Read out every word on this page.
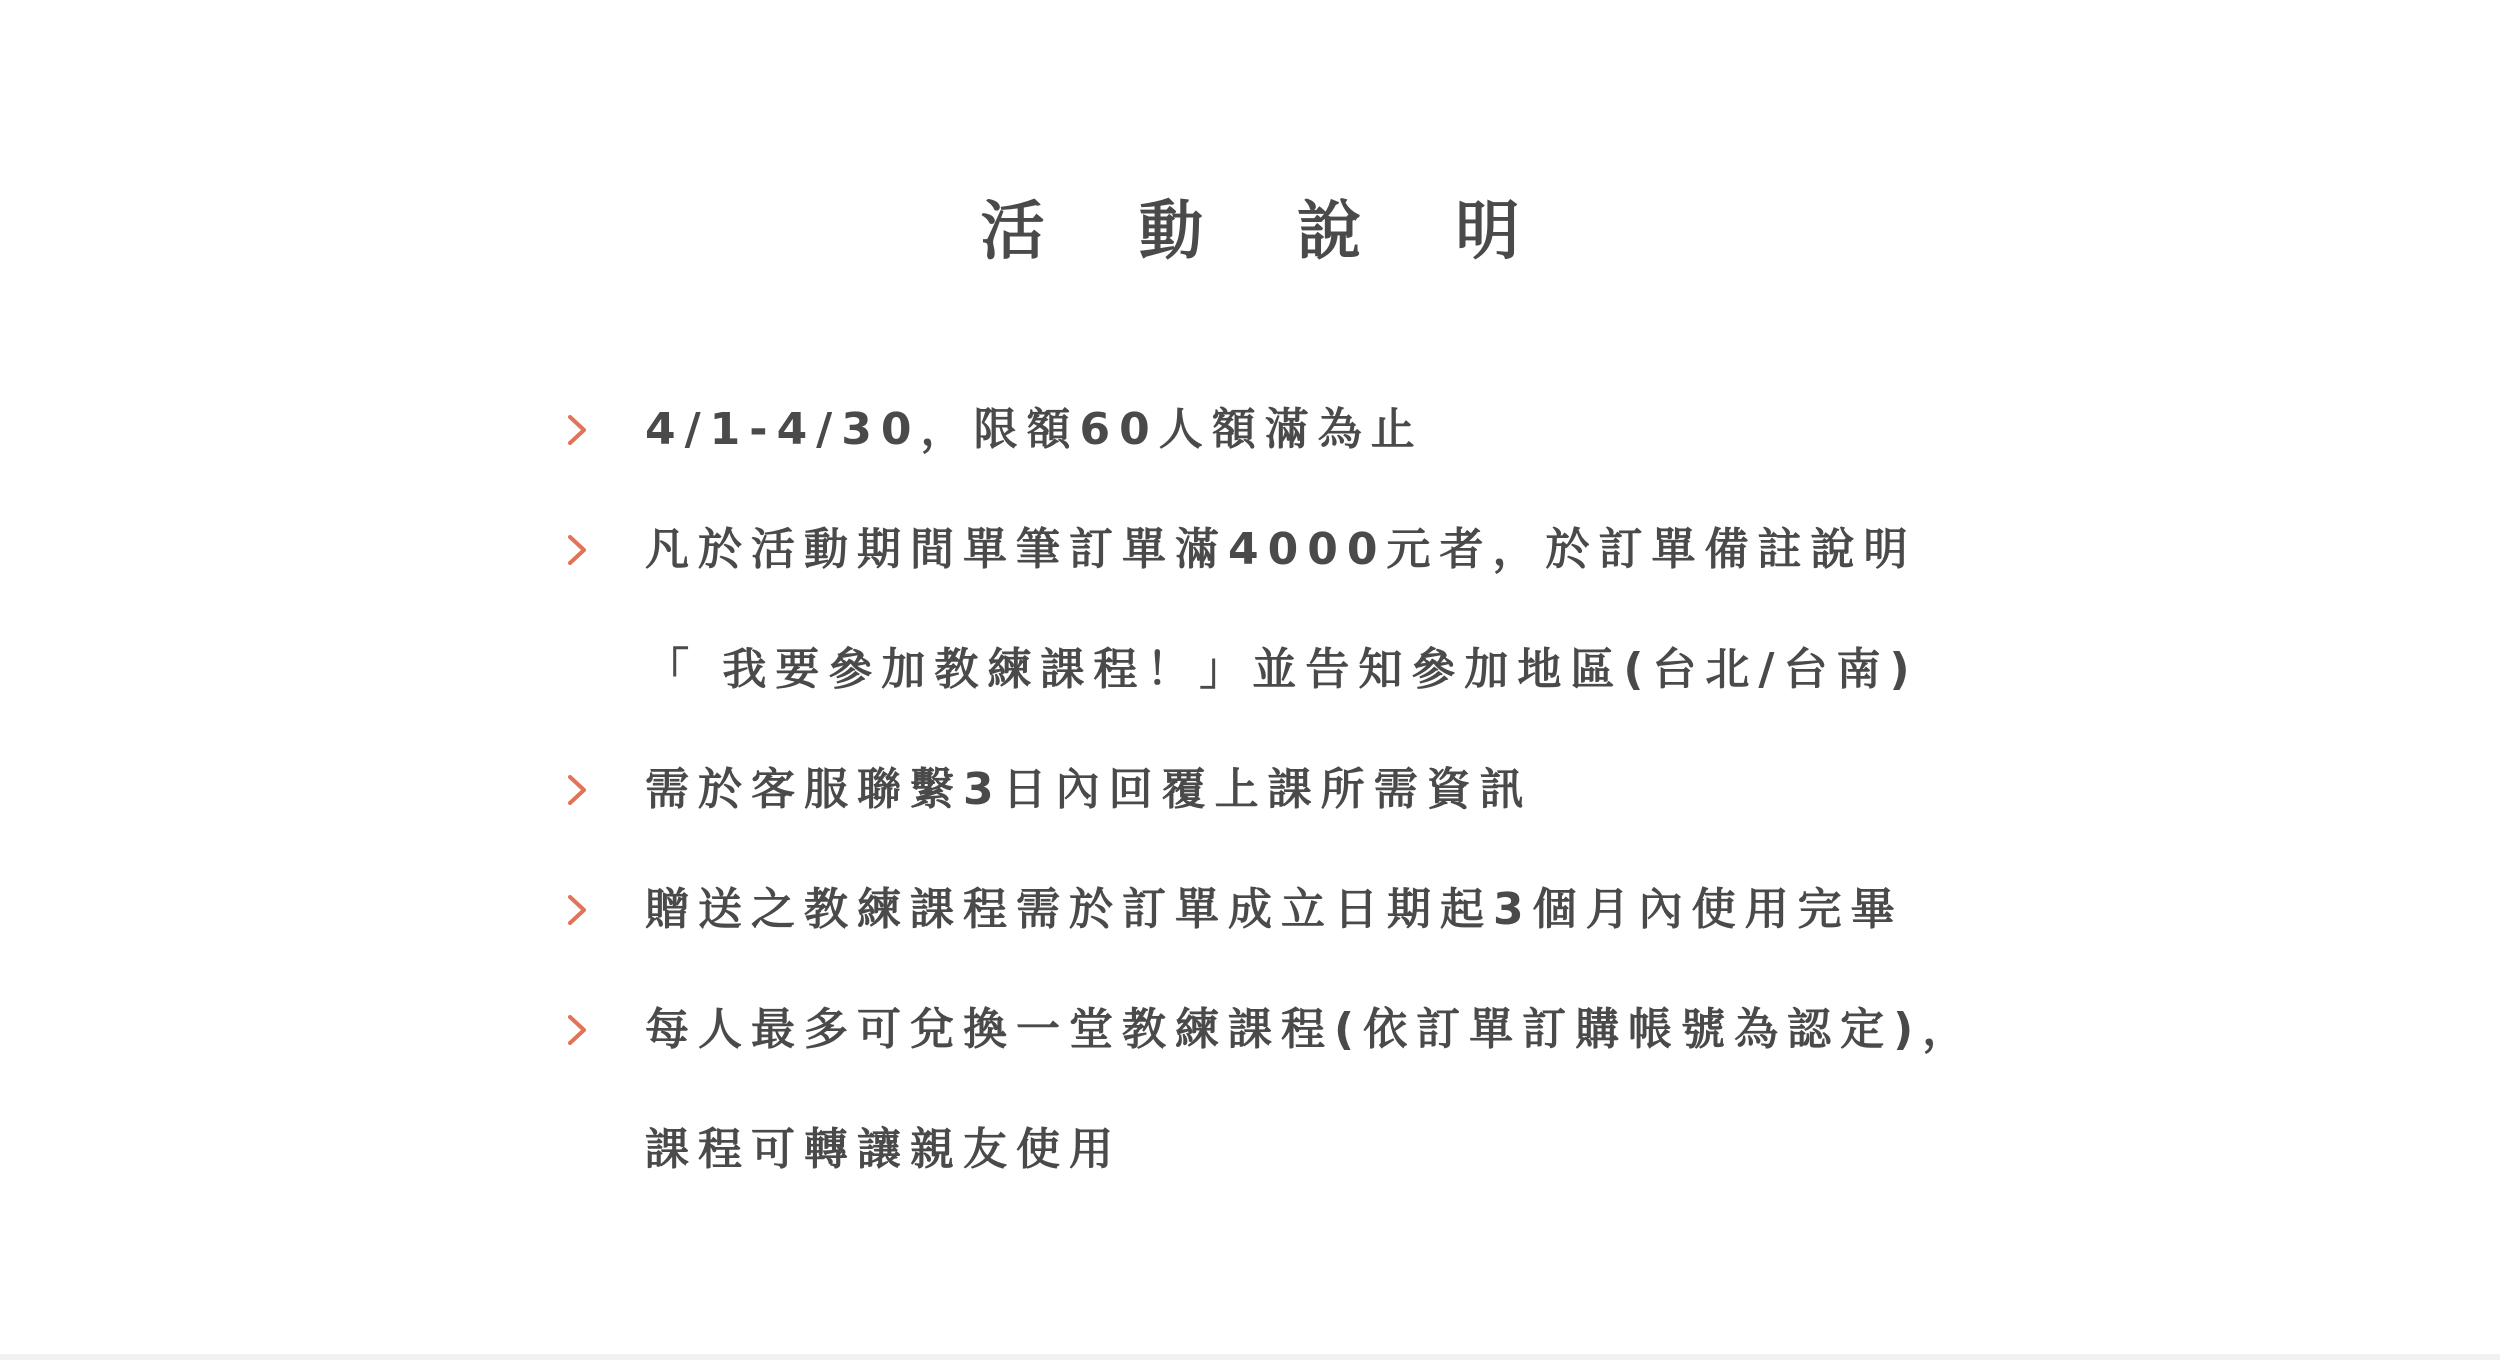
活 動 說 明
4/1-4/30，限額60人額滿為止
凡於活動期間單筆訂單滿4000元者，於訂單備註說明
「 我要參加教練課程！」並告知參加地區(台北/台南)
需於客服聯繫3日內回覆上課所需資訊
贈送之教練課程需於訂單成立日期起3個月內使用完畢
每人最多可兌換一堂教練課程(依訂單訂購帳號為認定)，
課程可轉讓親友使用
